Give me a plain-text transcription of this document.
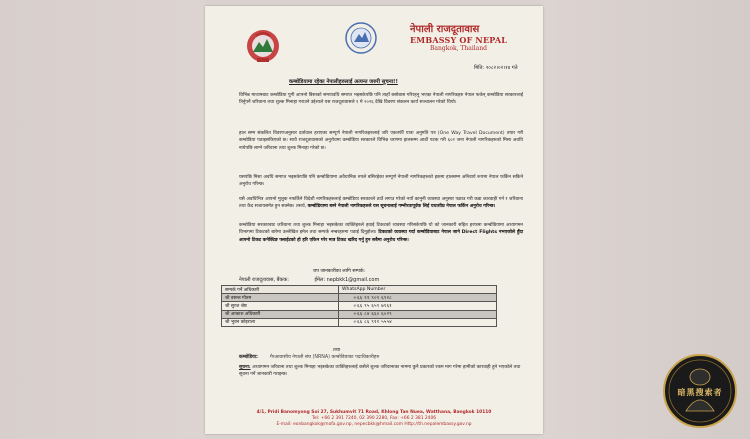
नेपाली राजदूतावास
EMBASSY OF NEPAL
Bangkok, Thailand
मिति: २०८२।०२।१४ गते
कम्बोडियामा रहेका नेपालीहरुलाई अत्यन्त जरुरी सूचना!!
विभिन्न माध्यमबाट कम्बोडिया पुगी आफ्नो बिसाको समयावधि समाप्त भइसकेपछि पनि त्यहाँ बसोबास गरिरहनु भएका नेपाली नागरिकहरु नेपाल फर्कन् कम्बोडिया सरकारलाई तिर्नुपर्ने जरिवाना तथा शुल्क मिनाहा गराउने उद्देश्यले यस राजदूतावासले १ मे २०२६ देखि विवरण संकलन कार्य सञ्चालन गरेको थियो।
हाल सम्म संकलित विवरणअनुसार दर्तावाल हराएका सम्पूर्ण नेपाली नागरिकहरुलाई जरि एकतर्फी यात्रा अनुमति पत्र (One Way Travel Document) तयार गरी कम्बोडिया पठाइसकिएको छ। साथै राजदूतावासको अनुरोधमा कम्बोडिया सरकारले विभिन्न चरणमा हालसम्म आठौं पटक गरी ६०२ जना नेपाली नागरिकहरुको मिसा अवधि नाघेपछि लाग्ने जरिवाना तथा शुल्क मिनाहा गरेको छ।
यसपछि मिसा अवधि समाप्त भइसकेपछि पनि कम्बोडियामा अवैधानिक रुपले बसिरहेका सम्पूर्ण नेपाली नागरिकहरुको हकमा हालसम्म अनिवार्य रूपमा नेपाल फर्किन सकिने अनुरोध गरिन्छ।
यसै अवधिभित्र आफ्नो मुलुक नफर्किने विदेशी नागरिकहरुलाई कम्बोडिया सरकारले ठाउँ लगाउ गरेको नयाँ कानुनी व्यवस्था अनुसार पक्राउ गरी कडा कारवाही गर्न र जरिवाना तथा कैद सजायसमेत हुन सक्नेछ। तसर्थ, कम्बोडियामा बस्ने नेपाली नागरिकहरुले यस सूचनालाई गम्भीरतापूर्वक लिई यथाशीघ्र नेपाल फर्किन अनुरोध गरिन्छ।
कम्बोडिया सरकारबाट जरिवाना तथा शुल्क मिनाहा भइसकेका व्यक्तिहरुले हवाई टिकटको व्यवस्था गरिसकेपछि यो को जानकारी सहित हरफमा कम्बोडियामा अध्यागमन विभागमा टिकटको बारेमा उल्लेखित इमेल तथा सम्पर्क नम्बरहरुमा पठाई दिनुहोला। टिकटको व्यवस्था गर्दा कम्बोडियाबाट नेपाल जाने Direct Flights नभएकोले हुँदा आफ्नो टिकट कनेक्टिङ फ्लाईटको हो हरि एकिन गरेर मात्र टिकट खरिद गर्नु हुन सबैमा अनुरोध गरिन्छ।
थप जानकारीका लागि सम्पर्क:
नेपाली राजदूतावास, बैंकक:	ईमेल: nepbkk1@gmail.com
सम्पर्क गर्ने अधिकारी	WhatsApp Number
श्री वसन्त गौतम	+६६ ९१ ९०९ ६९२८
श्री सुरज श्रेष्ठ	+६६ ९५ ६५९ ७९६१
श्री आकाश अधिकारी	+६६ ८४ ६६० ६०२९
श्री भुवन कोइराला	+६६ ८६ ९११ ५५५४
तथा
कम्बोडिया:	गैरआवासीय नेपाली संघ (NRNA) कम्बोडियाका पदाधिकारीहरु
सूचना: अध्यागमन जरिवाना तथा शुल्क मिनाहा भइसकेका व्यक्तिहरुलाई कसैले शुल्क जरिवानाका नाममा कुनै प्रकारको रकम माग गरेमा हामीको कारवाही हुने भएकोले तथा सूचना गर्ने जानकारी गराइन्छ।
4/1, Pridi Banomyong Soi 27, Sukhumvit 71 Road, Khlong Tan Nuea, Watthana, Bangkok 10110
Tel: +66 2 391 7240, 02 390 2280, Fax: +66 2 381 2406
E-mail: eonbangkok@mofa.gov.np, nepecbkk@hmail.com Http://th.nepalembassy.gov.np
暗黑搜索者
